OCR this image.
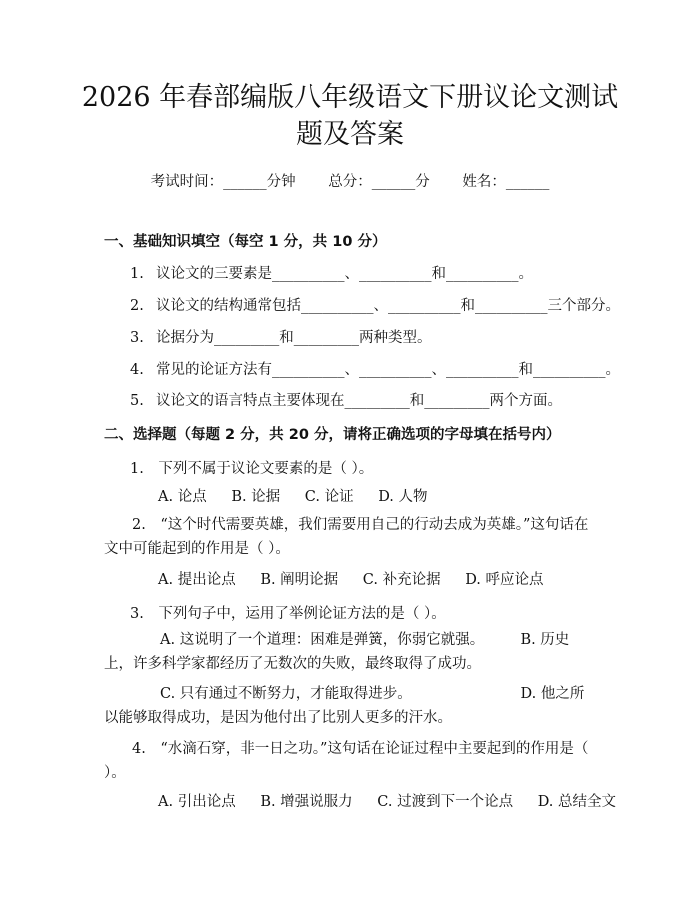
2026 年春部编版八年级语文下册议论文测试
题及答案
考试时间：______分钟 总分：______分 姓名：______
一、基础知识填空（每空 1 分，共 10 分）
1. 议论文的三要素是__________、__________和__________。
2. 议论文的结构通常包括__________、__________和__________三个部分。
3. 论据分为_________和_________两种类型。
4. 常见的论证方法有__________、__________、__________和__________。
5. 议论文的语言特点主要体现在_________和_________两个方面。
二、选择题（每题 2 分，共 20 分，请将正确选项的字母填在括号内）
1.　下列不属于议论文要素的是（ ）。
A. 论点 B. 论据 C. 论证 D. 人物
2.　“这个时代需要英雄，我们需要用自己的行动去成为英雄。”这句话在文中可能起到的作用是（ ）。
A. 提出论点 B. 阐明论据 C. 补充论据 D. 呼应论点
3.　下列句子中，运用了举例论证方法的是（ ）。
A. 这说明了一个道理：困难是弹簧，你弱它就强。　　　B. 历史上，许多科学家都经历了无数次的失败，最终取得了成功。
C. 只有通过不断努力，才能取得进步。　　　　　　　　D. 他之所以能够取得成功，是因为他付出了比别人更多的汗水。
4.　“水滴石穿，非一日之功。”这句话在论证过程中主要起到的作用是（ ）。
A. 引出论点 B. 增强说服力 C. 过渡到下一个论点 D. 总结全文
